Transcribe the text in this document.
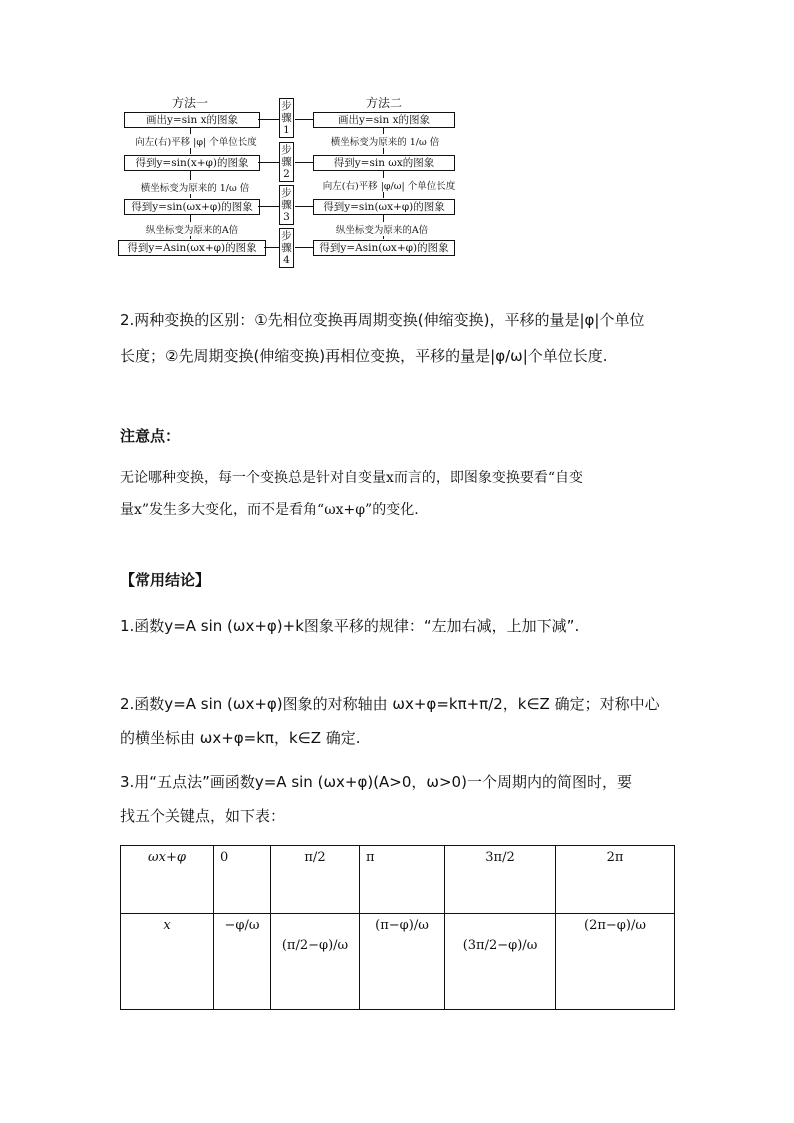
方法一	方法二
画出y=sin x的图象
得到y=sin(x+φ)的图象
得到y=sin(ωx+φ)的图象
得到y=Asin(ωx+φ)的图象
画出y=sin x的图象
得到y=sin ωx的图象
得到y=sin(ωx+φ)的图象
得到y=Asin(ωx+φ)的图象
向左(右)平移 |φ| 个单位长度
横坐标变为原来的 1/ω 倍
纵坐标变为原来的A倍
横坐标变为原来的 1/ω 倍
向左(右)平移 |φ/ω| 个单位长度
纵坐标变为原来的A倍
步骤1
步骤2
步骤3
步骤4
2.两种变换的区别：①先相位变换再周期变换(伸缩变换)，平移的量是|φ|个单位
长度；②先周期变换(伸缩变换)再相位变换，平移的量是|φ/ω|个单位长度.
注意点：
无论哪种变换，每一个变换总是针对自变量x而言的，即图象变换要看“自变
量x”发生多大变化，而不是看角“ωx+φ”的变化.
【常用结论】
1.函数y=A sin (ωx+φ)+k图象平移的规律：“左加右减，上加下减”.
2.函数y=A sin (ωx+φ)图象的对称轴由 ωx+φ=kπ+π/2，k∈Z 确定；对称中心
的横坐标由 ωx+φ=kπ，k∈Z 确定.
3.用“五点法”画函数y=A sin (ωx+φ)(A>0，ω>0)一个周期内的简图时，要
找五个关键点，如下表：
ωx+φ	0	π/2	π	3π/2	2π
x	−φ/ω	(π/2−φ)/ω	(π−φ)/ω	(3π/2−φ)/ω	(2π−φ)/ω
